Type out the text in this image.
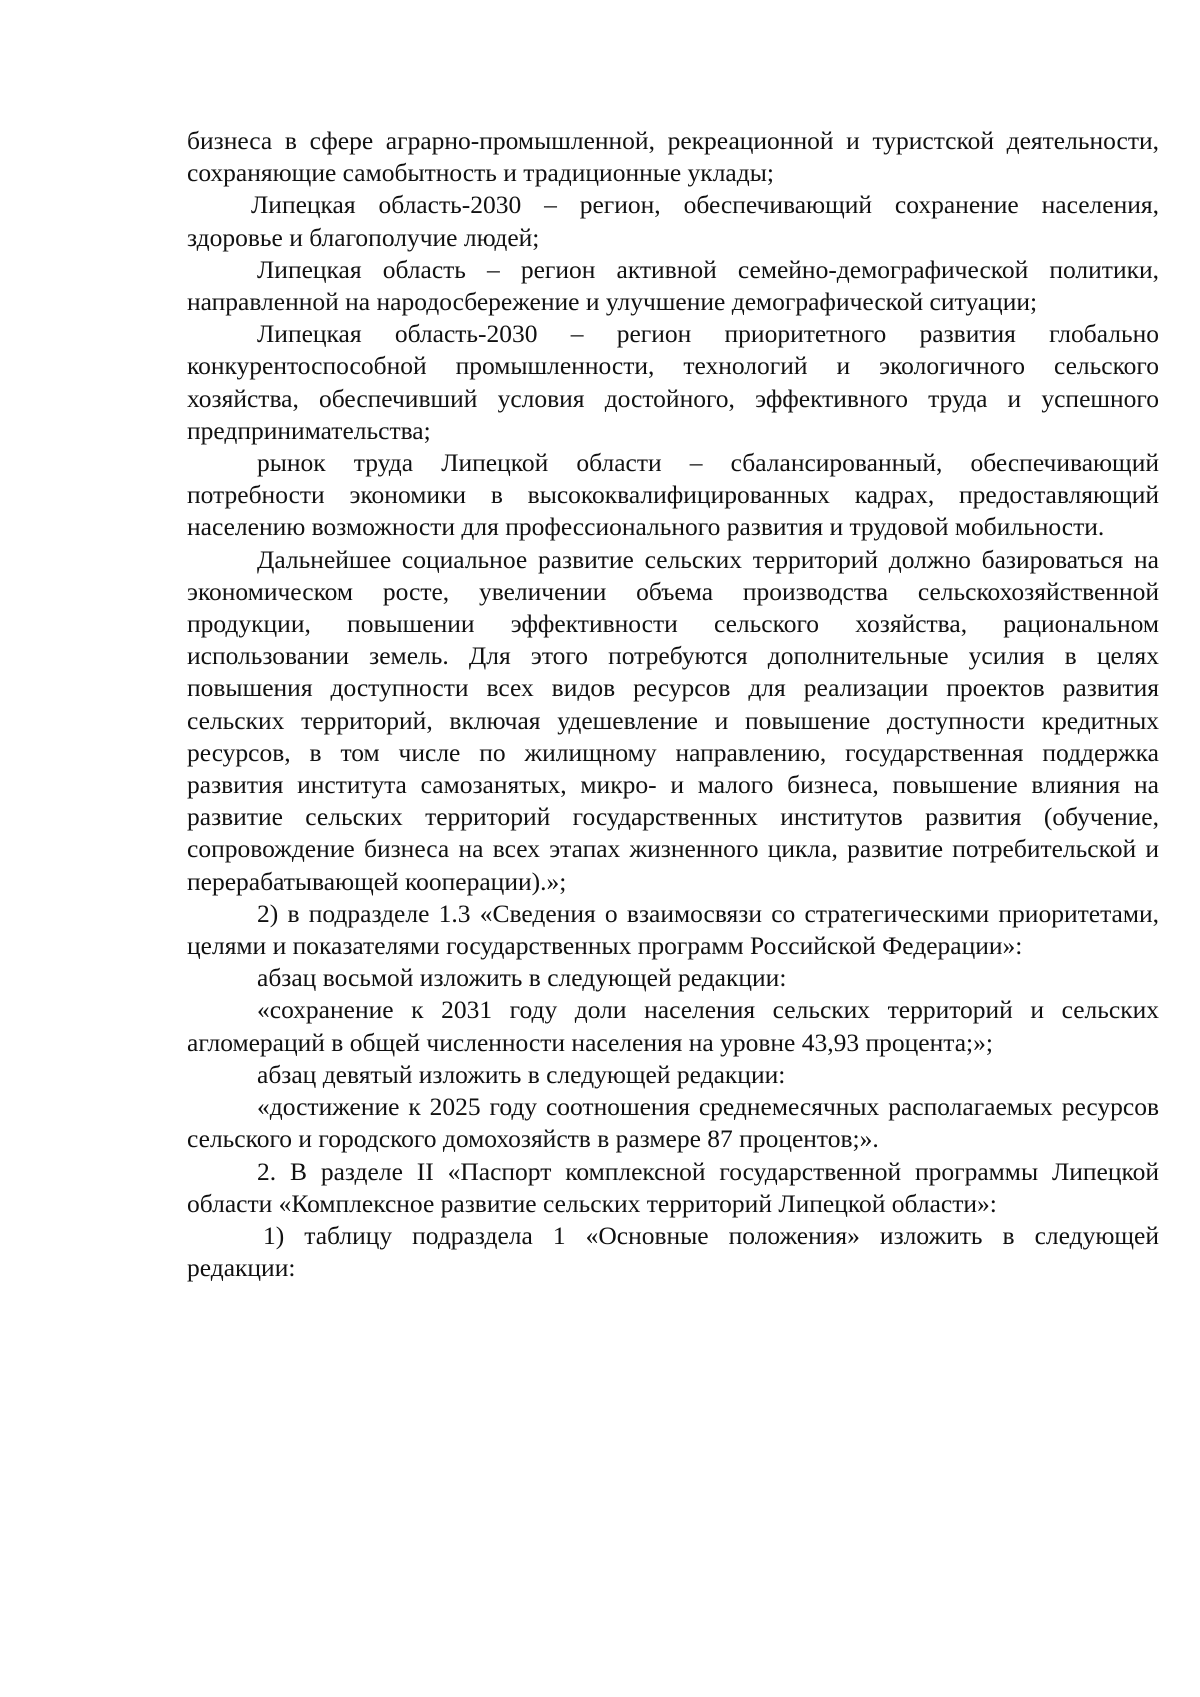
бизнеса в сфере аграрно-промышленной, рекреационной и туристской деятельности, сохраняющие самобытность и традиционные уклады;

Липецкая область-2030 – регион, обеспечивающий сохранение населения, здоровье и благополучие людей;

Липецкая область – регион активной семейно-демографической политики, направленной на народосбережение и улучшение демографической ситуации;

Липецкая область-2030 – регион приоритетного развития глобально конкурентоспособной промышленности, технологий и экологичного сельского хозяйства, обеспечивший условия достойного, эффективного труда и успешного предпринимательства;

рынок труда Липецкой области – сбалансированный, обеспечивающий потребности экономики в высококвалифицированных кадрах, предоставляющий населению возможности для профессионального развития и трудовой мобильности.

Дальнейшее социальное развитие сельских территорий должно базироваться на экономическом росте, увеличении объема производства сельскохозяйственной продукции, повышении эффективности сельского хозяйства, рациональном использовании земель. Для этого потребуются дополнительные усилия в целях повышения доступности всех видов ресурсов для реализации проектов развития сельских территорий, включая удешевление и повышение доступности кредитных ресурсов, в том числе по жилищному направлению, государственная поддержка развития института самозанятых, микро- и малого бизнеса, повышение влияния на развитие сельских территорий государственных институтов развития (обучение, сопровождение бизнеса на всех этапах жизненного цикла, развитие потребительской и перерабатывающей кооперации).»;

2) в подразделе 1.3 «Сведения о взаимосвязи со стратегическими приоритетами, целями и показателями государственных программ Российской Федерации»:

абзац восьмой изложить в следующей редакции:

«сохранение к 2031 году доли населения сельских территорий и сельских агломераций в общей численности населения на уровне 43,93 процента;»;

абзац девятый изложить в следующей редакции:

«достижение к 2025 году соотношения среднемесячных располагаемых ресурсов сельского и городского домохозяйств в размере 87 процентов;».

2. В разделе II «Паспорт комплексной государственной программы Липецкой области «Комплексное развитие сельских территорий Липецкой области»:

1) таблицу подраздела 1 «Основные положения» изложить в следующей редакции:
